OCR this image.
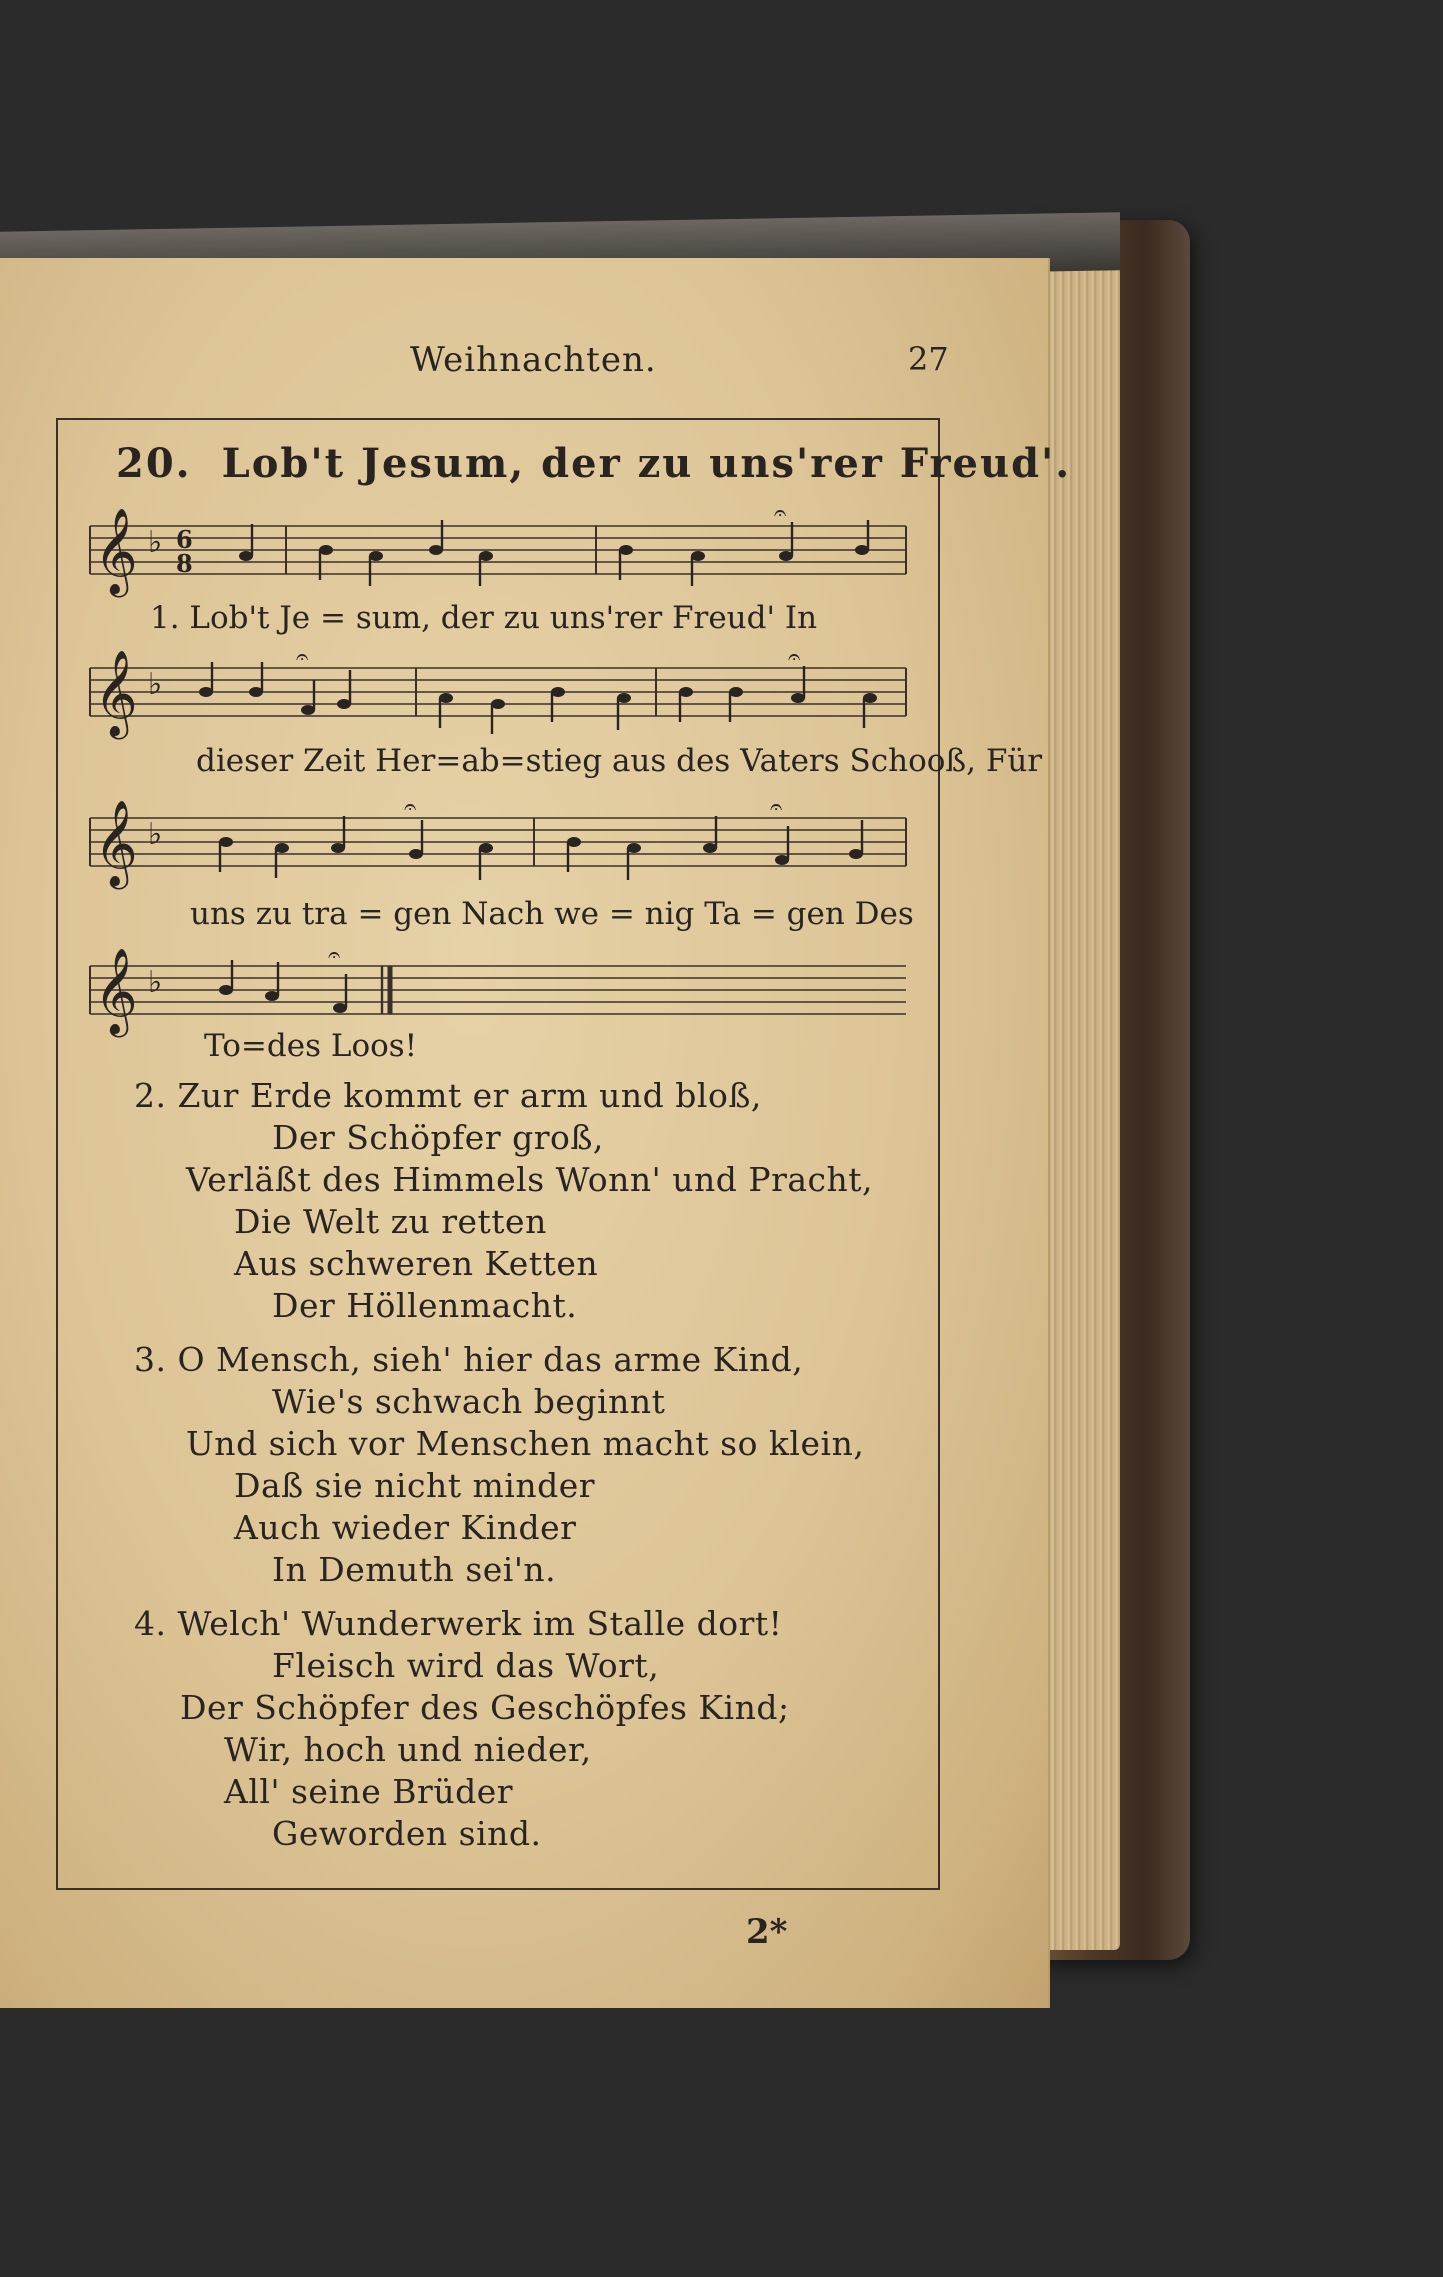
Weihnachten.	27
20. Lob't Jesum, der zu uns'rer Freud'.
𝄞 ♭ 6
8
𝄐
1. Lob't Je = sum, der zu uns'rer Freud' In
𝄞 ♭
𝄐	𝄐
dieser Zeit Her=ab=stieg aus des Vaters Schooß, Für
𝄞 ♭
𝄐	𝄐
uns zu tra = gen Nach we = nig Ta = gen Des
𝄞 ♭
𝄐
To=des Loos!
2. Zur Erde kommt er arm und bloß,
Der Schöpfer groß,
Verläßt des Himmels Wonn' und Pracht,
Die Welt zu retten
Aus schweren Ketten
Der Höllenmacht.
3. O Mensch, sieh' hier das arme Kind,
Wie's schwach beginnt
Und sich vor Menschen macht so klein,
Daß sie nicht minder
Auch wieder Kinder
In Demuth sei'n.
4. Welch' Wunderwerk im Stalle dort!
Fleisch wird das Wort,
Der Schöpfer des Geschöpfes Kind;
Wir, hoch und nieder,
All' seine Brüder
Geworden sind.
2*
